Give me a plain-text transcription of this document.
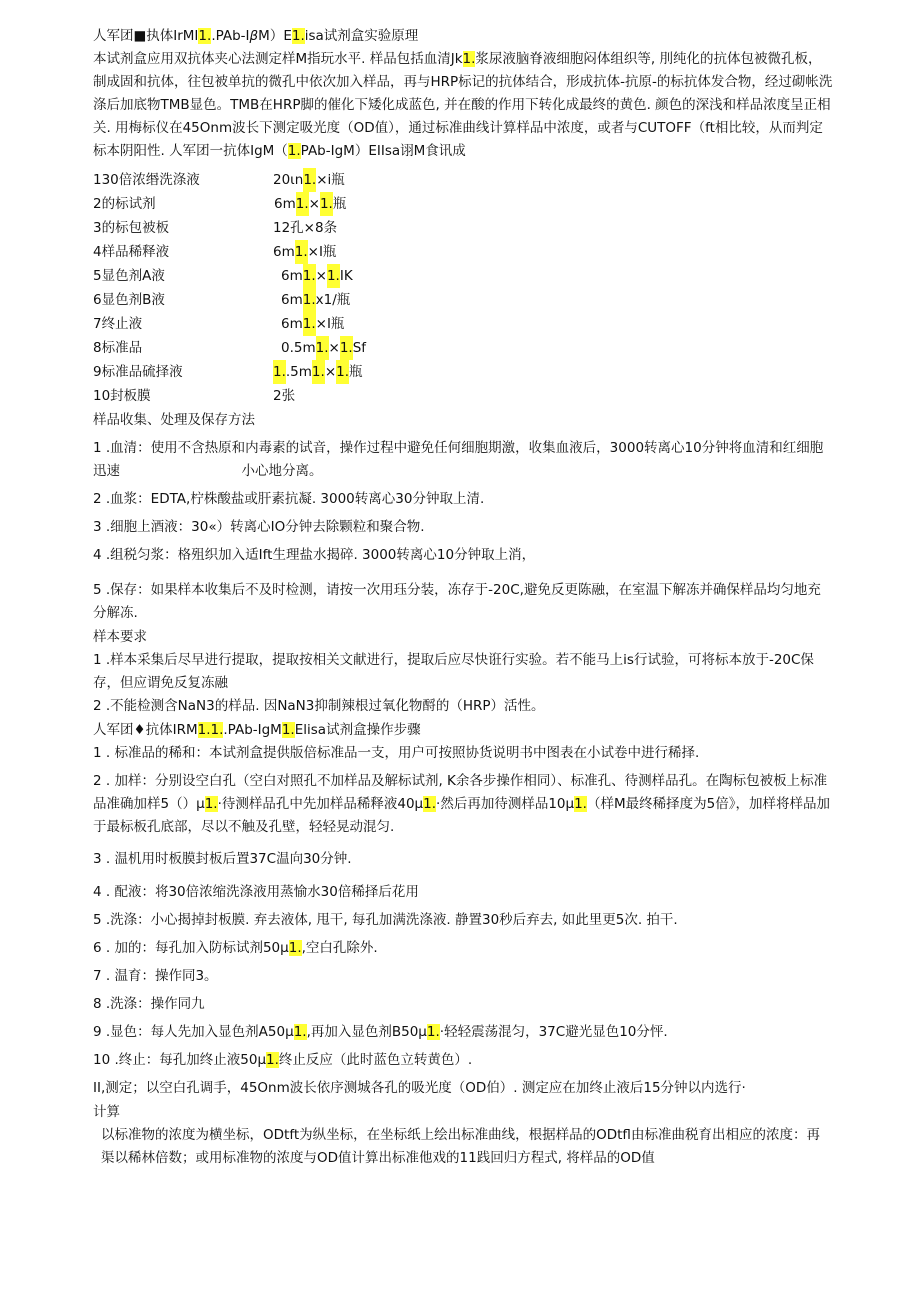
人军团■执体IrMI1..PAb-IβM）E1.isa试剂盒实验原理
本试剂盒应用双抗体夹心法测定样M指玩水平. 样品包括血清Jk1.浆尿液脑脊液细胞闷体组织等, 刖纯化的抗体包被微孔板，制成固和抗体，往包被单抗的微孔中依次加入样品，再与HRP标记的抗体结合，形成抗体-抗原-的标抗体发合物，经过砌帐洗涤后加底物TMB显色。TMB在HRP脚的催化下矮化成蓝色, 并在酸的作用下转化成最终的黄色. 颜色的深浅和样品浓度呈正相关. 用梅标仪在45Onm波长下测定吸光度（OD值），通过标准曲线计算样品中浓度，或者与CUTOFF（ft相比较，从而判定标本阴阳性. 人军团一抗体IgM（1.PAb-IgM）EIIsa诩M食讯成
130倍浓缗洗涤液	20ιn 1. ×i瓶
2的标试剂	6m 1. × 1. 瓶
3的标包被板	12孔×8条
4样品稀释液	6m 1. ×I瓶
5显色剂A液	6m 1. × 1. IK
6显色剂B液	6m 1. x1∕瓶
7终止液	6m 1. ×I瓶
8标准品	0.5m 1. × 1. Sf
9标准品硫择液	1. .5m 1. × 1. 瓶
10封板膜	2张
样品收集、处理及保存方法
1 .血清：使用不含热原和内毒素的试音，操作过程中避免任何细胞期激，收集血液后，3000转离心10分钟将血清和红细胞迅速　　　　　　　　　小心地分离。
2 .血浆：EDTA,柠株酸盐或肝素抗凝. 3000转离心30分钟取上清.
3 .细胞上酒液：30«）转离心IO分钟去除颗粒和聚合物.
4 .组税匀浆：格殂织加入适Ift生理盐水揭碎. 3000转离心10分钟取上消，
5 .保存：如果样本收集后不及时检测，请按一次用珏分装，冻存于-20C,避免反更陈融，在室温下解冻并确保样品均匀地充分解冻.
样本要求
1 .样本采集后尽早进行提取，提取按相关文献进行，提取后应尽快诳行实验。若不能马上is行试验，可将标本放于-20C保存，但应谓免反复冻融
2 .不能检测含NaN3的样品. 因NaN3抑制辣根过氧化物酹的（HRP）活性。
人军团♦抗体IRM1.1..PAb-IgM1.Elisa试剂盒操作步骤
1 . 标准品的稀和：本试剂盒提供版倍标准品一支，用户可按照协货说明书中图表在小试卷中进行稀择.
2 . 加样：分别设空白孔（空白对照孔不加样品及解标试剂, K余各步操作相同）、标准孔、待测样品孔。在陶标包被板上标准品准确加样5（）μ1.·待测样品孔中先加样品稀释液40μ1.·然后再加待测样品10μ1.（样M最终稀择度为5倍》，加样将样品加于最标板孔底部，尽以不触及孔壁，轻轻晃动混匀.
3 . 温机用时板膜封板后置37C温向30分钟.
4 . 配液：将30倍浓缩洗涤液用蒸愉水30倍稀择后花用
5 .洗涤：小心揭掉封板膜. 弃去液体, 甩干, 每孔加满洗涤液. 静置30秒后弃去, 如此里更5次. 拍干.
6 . 加的：每孔加入防标试剂50μ1.,空白孔除外.
7 . 温育：操作同3。
8 .洗涤：操作同九
9 .显色：每人先加入显色剂A50μ1.,再加入显色剂B50μ1.·轻轻震荡混匀，37C避光显色10分怦.
10 .终止：每孔加终止液50μ1.终止反应（此时蓝色立转黄色）.
II,测定；以空白孔调手，45Onm波长依序测城各孔的吸光度（OD伯）. 测定应在加终止液后15分钟以内选行·
计算
以标准物的浓度为横坐标，ODtft为纵坐标，在坐标纸上绘出标准曲线，根据样品的ODtfl由标准曲税育出相应的浓度：再渠以稀林倍数；或用标准物的浓度与OD值计算出标准他戏的11践回归方程式, 将样品的OD值
